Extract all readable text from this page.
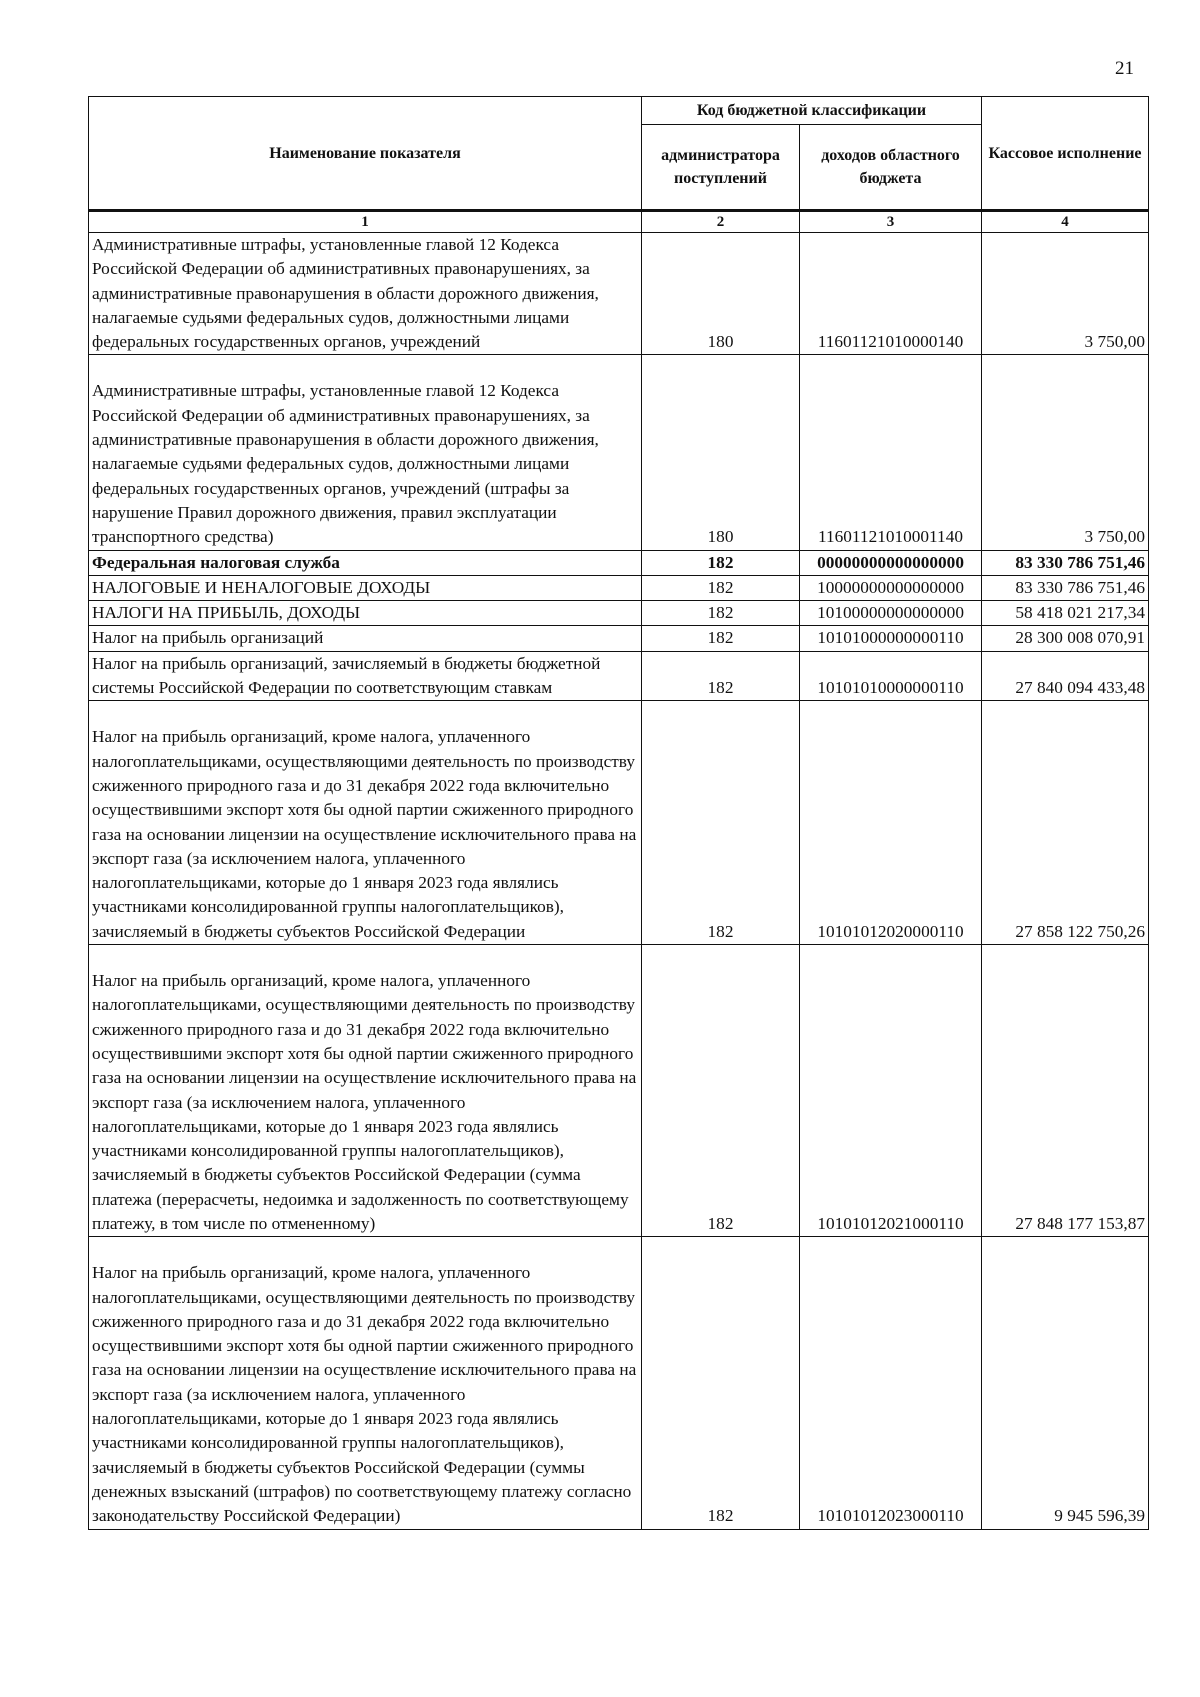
21
Наименование показателя	Код бюджетной классификации		Кассовое исполнение
	администратора поступлений	доходов областного бюджета	
1	2	3	4
Административные штрафы, установленные главой 12 Кодекса Российской Федерации об административных правонарушениях, за административные правонарушения в области дорожного движения, налагаемые судьями федеральных судов, должностными лицами федеральных государственных органов, учреждений	180	11601121010000140	3 750,00

Административные штрафы, установленные главой 12 Кодекса Российской Федерации об административных правонарушениях, за административные правонарушения в области дорожного движения, налагаемые судьями федеральных судов, должностными лицами федеральных государственных органов, учреждений (штрафы за нарушение Правил дорожного движения, правил эксплуатации транспортного средства)	180	11601121010001140	3 750,00
Федеральная налоговая служба	182	00000000000000000	83 330 786 751,46
НАЛОГОВЫЕ И НЕНАЛОГОВЫЕ ДОХОДЫ	182	10000000000000000	83 330 786 751,46
НАЛОГИ НА ПРИБЫЛЬ, ДОХОДЫ	182	10100000000000000	58 418 021 217,34
Налог на прибыль организаций	182	10101000000000110	28 300 008 070,91
Налог на прибыль организаций, зачисляемый в бюджеты бюджетной системы Российской Федерации по соответствующим ставкам	182	10101010000000110	27 840 094 433,48

Налог на прибыль организаций, кроме налога, уплаченного налогоплательщиками, осуществляющими деятельность по производству сжиженного природного газа и до 31 декабря 2022 года включительно осуществившими экспорт хотя бы одной партии сжиженного природного газа на основании лицензии на осуществление исключительного права на экспорт газа (за исключением налога, уплаченного налогоплательщиками, которые до 1 января 2023 года являлись участниками консолидированной группы налогоплательщиков), зачисляемый в бюджеты субъектов Российской Федерации	182	10101012020000110	27 858 122 750,26

Налог на прибыль организаций, кроме налога, уплаченного налогоплательщиками, осуществляющими деятельность по производству сжиженного природного газа и до 31 декабря 2022 года включительно осуществившими экспорт хотя бы одной партии сжиженного природного газа на основании лицензии на осуществление исключительного права на экспорт газа (за исключением налога, уплаченного налогоплательщиками, которые до 1 января 2023 года являлись участниками консолидированной группы налогоплательщиков), зачисляемый в бюджеты субъектов Российской Федерации (сумма платежа (перерасчеты, недоимка и задолженность по соответствующему платежу, в том числе по отмененному)	182	10101012021000110	27 848 177 153,87

Налог на прибыль организаций, кроме налога, уплаченного налогоплательщиками, осуществляющими деятельность по производству сжиженного природного газа и до 31 декабря 2022 года включительно осуществившими экспорт хотя бы одной партии сжиженного природного газа на основании лицензии на осуществление исключительного права на экспорт газа (за исключением налога, уплаченного налогоплательщиками, которые до 1 января 2023 года являлись участниками консолидированной группы налогоплательщиков), зачисляемый в бюджеты субъектов Российской Федерации (суммы денежных взысканий (штрафов) по соответствующему платежу согласно законодательству Российской Федерации)	182	10101012023000110	9 945 596,39
